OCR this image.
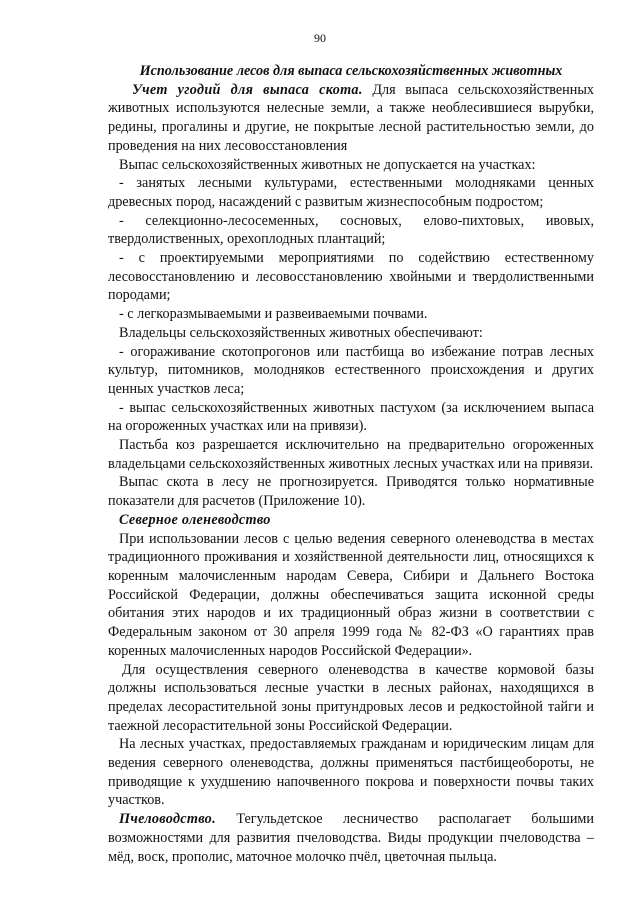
90

Использование лесов для выпаса сельскохозяйственных животных

Учет угодий для выпаса скота. Для выпаса сельскохозяйственных животных используются нелесные земли, а также необлесившиеся вырубки, редины, прогалины и другие, не покрытые лесной растительностью земли, до проведения на них лесовосстановления

Выпас сельскохозяйственных животных не допускается на участках:

- занятых лесными культурами, естественными молодняками ценных древесных пород, насаждений с развитым жизнеспособным подростом;

- селекционно-лесосеменных, сосновых, елово-пихтовых, ивовых, твердолиственных, орехоплодных плантаций;

- с проектируемыми мероприятиями по содействию естественному лесовосстановлению и лесовосстановлению хвойными и твердолиственными породами;

- с легкоразмываемыми и развеиваемыми почвами.

Владельцы сельскохозяйственных животных обеспечивают:

- огораживание скотопрогонов или пастбища во избежание потрав лесных культур, питомников, молодняков естественного происхождения и других ценных участков леса;

- выпас сельскохозяйственных животных пастухом (за исключением выпаса на огороженных участках или на привязи).

Пастьба коз разрешается исключительно на предварительно огороженных владельцами сельскохозяйственных животных лесных участках или на привязи.

Выпас скота в лесу не прогнозируется. Приводятся только нормативные показатели для расчетов (Приложение 10).

Северное оленеводство

При использовании лесов с целью ведения северного оленеводства в местах традиционного проживания и хозяйственной деятельности лиц, относящихся к коренным малочисленным народам Севера, Сибири и Дальнего Востока Российской Федерации, должны обеспечиваться защита исконной среды обитания этих народов и их традиционный образ жизни в соответствии с Федеральным законом от 30 апреля 1999 года № 82-ФЗ «О гарантиях прав коренных малочисленных народов Российской Федерации».

Для осуществления северного оленеводства в качестве кормовой базы должны использоваться лесные участки в лесных районах, находящихся в пределах лесорастительной зоны притундровых лесов и редкостойной тайги и таежной лесорастительной зоны Российской Федерации.

На лесных участках, предоставляемых гражданам и юридическим лицам для ведения северного оленеводства, должны применяться пастбищеобороты, не приводящие к ухудшению напочвенного покрова и поверхности почвы таких участков.

Пчеловодство. Тегульдетское лесничество располагает большими возможностями для развития пчеловодства. Виды продукции пчеловодства – мёд, воск, прополис, маточное молочко пчёл, цветочная пыльца.
